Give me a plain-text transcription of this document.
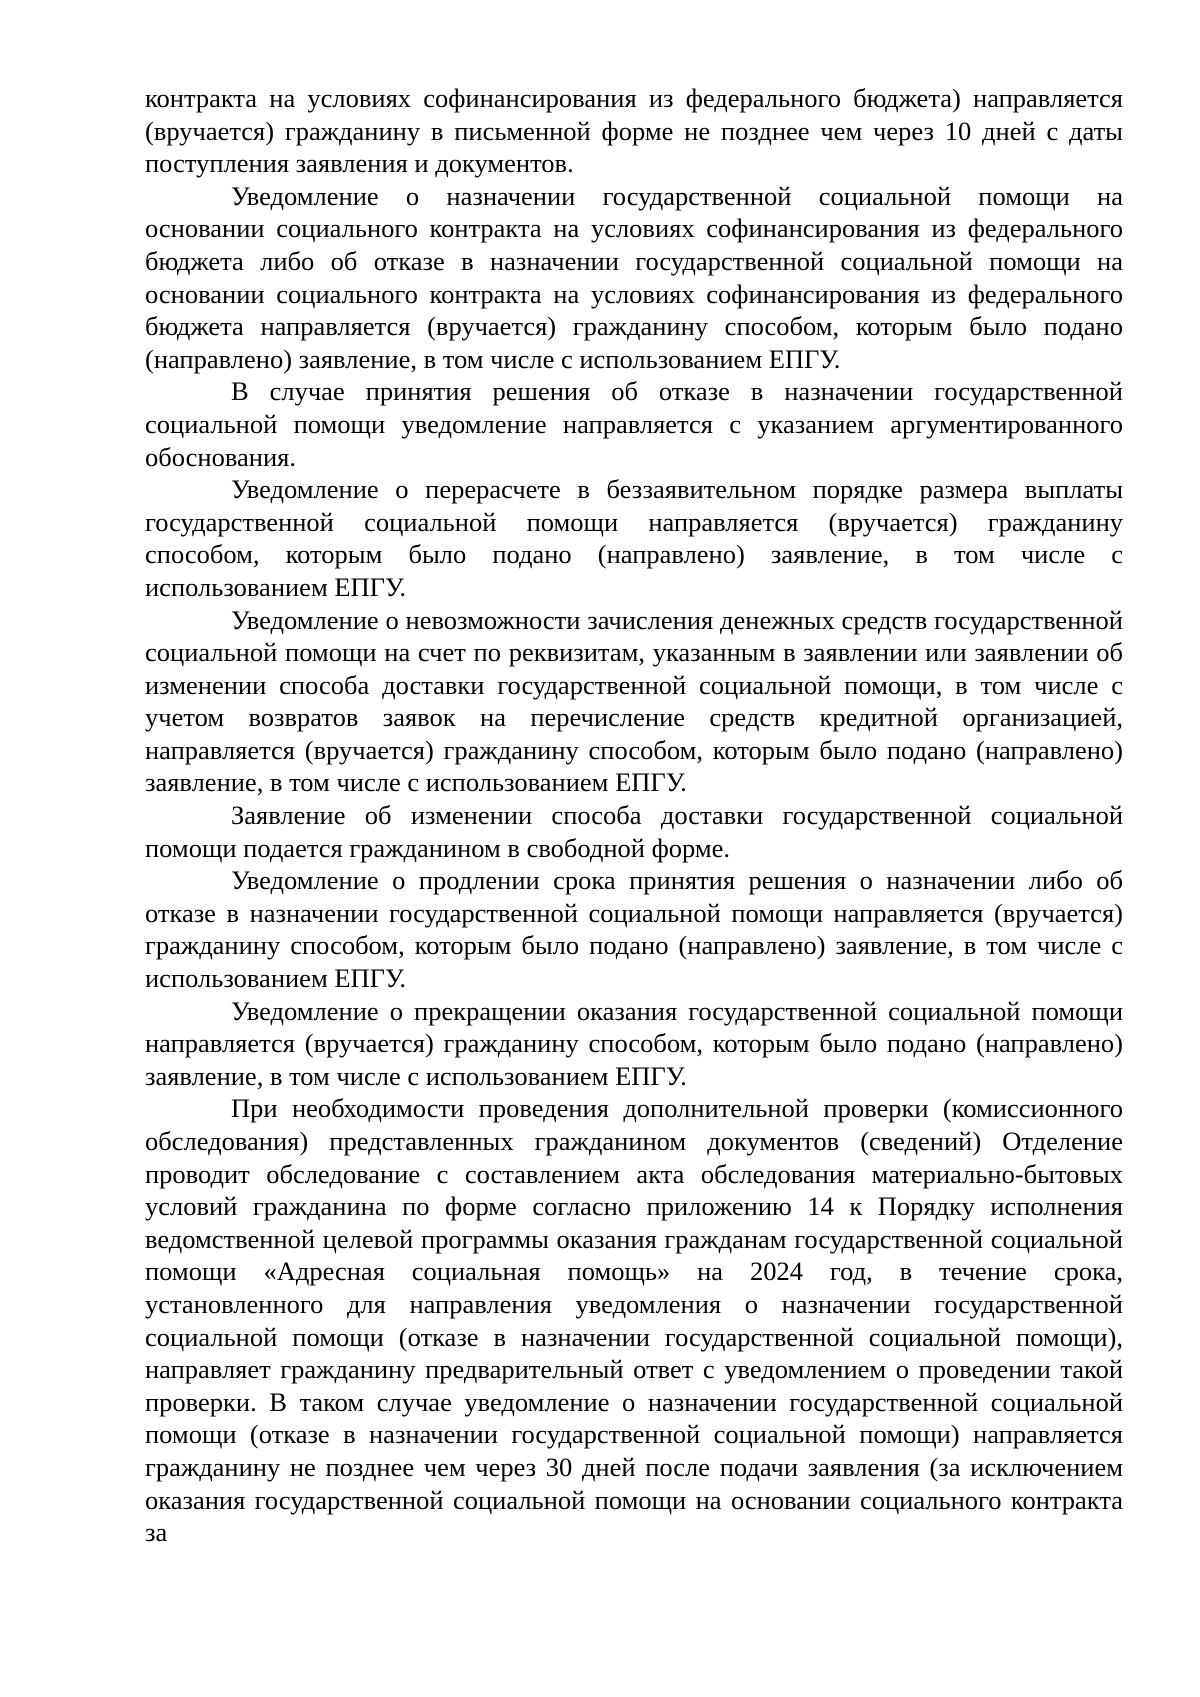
контракта на условиях софинансирования из федерального бюджета) направляется (вручается) гражданину в письменной форме не позднее чем через 10 дней с даты поступления заявления и документов.

Уведомление о назначении государственной социальной помощи на основании социального контракта на условиях софинансирования из федерального бюджета либо об отказе в назначении государственной социальной помощи на основании социального контракта на условиях софинансирования из федерального бюджета направляется (вручается) гражданину способом, которым было подано (направлено) заявление, в том числе с использованием ЕПГУ.

В случае принятия решения об отказе в назначении государственной социальной помощи уведомление направляется с указанием аргументированного обоснования.

Уведомление о перерасчете в беззаявительном порядке размера выплаты государственной социальной помощи направляется (вручается) гражданину способом, которым было подано (направлено) заявление, в том числе с использованием ЕПГУ.

Уведомление о невозможности зачисления денежных средств государственной социальной помощи на счет по реквизитам, указанным в заявлении или заявлении об изменении способа доставки государственной социальной помощи, в том числе с учетом возвратов заявок на перечисление средств кредитной организацией, направляется (вручается) гражданину способом, которым было подано (направлено) заявление, в том числе с использованием ЕПГУ.

Заявление об изменении способа доставки государственной социальной помощи подается гражданином в свободной форме.

Уведомление о продлении срока принятия решения о назначении либо об отказе в назначении государственной социальной помощи направляется (вручается) гражданину способом, которым было подано (направлено) заявление, в том числе с использованием ЕПГУ.

Уведомление о прекращении оказания государственной социальной помощи направляется (вручается) гражданину способом, которым было подано (направлено) заявление, в том числе с использованием ЕПГУ.

При необходимости проведения дополнительной проверки (комиссионного обследования) представленных гражданином документов (сведений) Отделение проводит обследование с составлением акта обследования материально-бытовых условий гражданина по форме согласно приложению 14 к Порядку исполнения ведомственной целевой программы оказания гражданам государственной социальной помощи «Адресная социальная помощь» на 2024 год, в течение срока, установленного для направления уведомления о назначении государственной социальной помощи (отказе в назначении государственной социальной помощи), направляет гражданину предварительный ответ с уведомлением о проведении такой проверки. В таком случае уведомление о назначении государственной социальной помощи (отказе в назначении государственной социальной помощи) направляется гражданину не позднее чем через 30 дней после подачи заявления (за исключением оказания государственной социальной помощи на основании социального контракта за
